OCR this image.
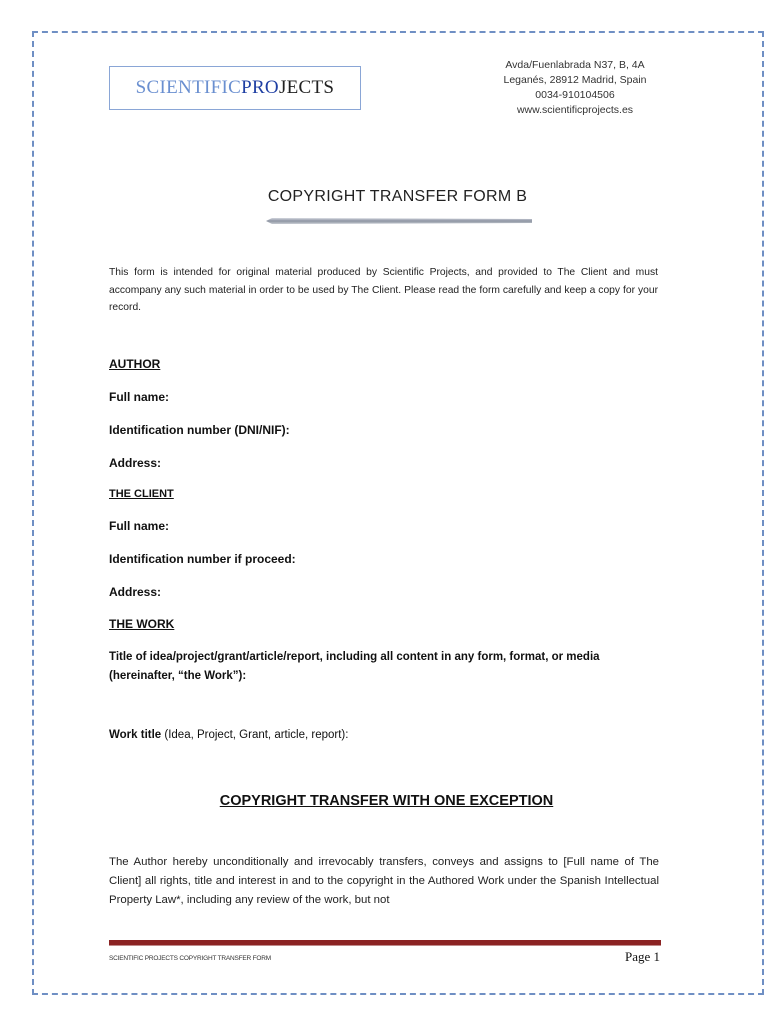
SCIENTIFIC PRO JECTS
Avda/Fuenlabrada N37, B, 4A
Leganés, 28912 Madrid, Spain
0034-910104506
www.scientificprojects.es
COPYRIGHT TRANSFER FORM B
This form is intended for original material produced by Scientific Projects, and provided to The Client and must accompany any such material in order to be used by The Client. Please read the form carefully and keep a copy for your record.
AUTHOR
Full name:
Identification number (DNI/NIF):
Address:
THE CLIENT
Full name:
Identification number if proceed:
Address:
THE WORK
Title of idea/project/grant/article/report, including all content in any form, format, or media (hereinafter, “the Work”):
Work title (Idea, Project, Grant, article, report):
COPYRIGHT TRANSFER WITH ONE EXCEPTION
The Author hereby unconditionally and irrevocably transfers, conveys and assigns to [Full name of The Client] all rights, title and interest in and to the copyright in the Authored Work under the Spanish Intellectual Property Law*, including any review of the work, but not
SCIENTIFIC PROJECTS COPYRIGHT TRANSFER FORM	Page 1
